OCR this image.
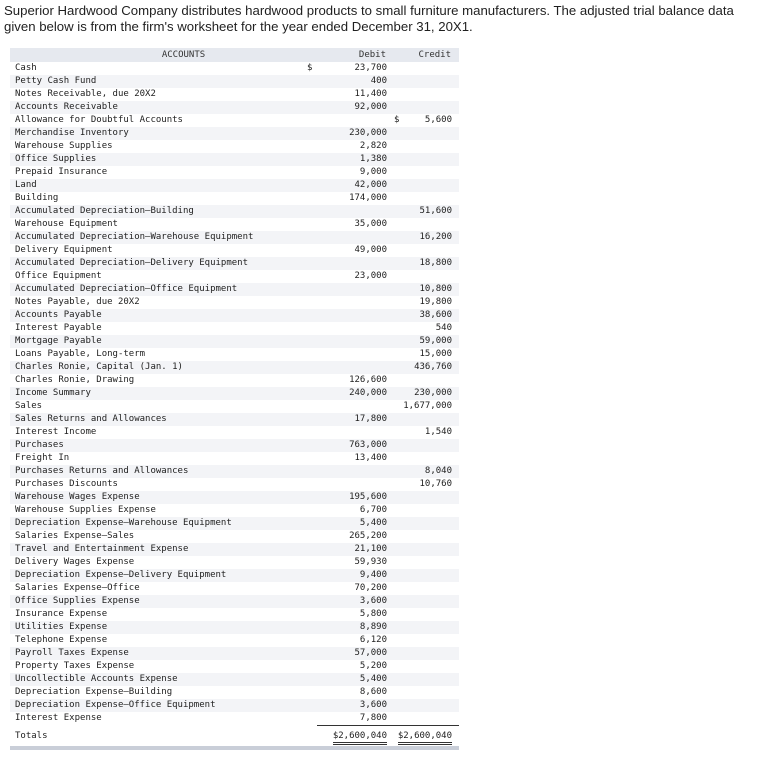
Superior Hardwood Company distributes hardwood products to small furniture manufacturers. The adjusted trial balance data given below is from the firm's worksheet for the year ended December 31, 20X1.
ACCOUNTS	Debit	Credit
Cash	$ 23,700	
Petty Cash Fund	400	
Notes Receivable, due 20X2	11,400	
Accounts Receivable	92,000	
Allowance for Doubtful Accounts		$ 5,600
Merchandise Inventory	230,000	
Warehouse Supplies	2,820	
Office Supplies	1,380	
Prepaid Insurance	9,000	
Land	42,000	
Building	174,000	
Accumulated Depreciation—Building		51,600
Warehouse Equipment	35,000	
Accumulated Depreciation—Warehouse Equipment		16,200
Delivery Equipment	49,000	
Accumulated Depreciation—Delivery Equipment		18,800
Office Equipment	23,000	
Accumulated Depreciation—Office Equipment		10,800
Notes Payable, due 20X2		19,800
Accounts Payable		38,600
Interest Payable		540
Mortgage Payable		59,000
Loans Payable, Long-term		15,000
Charles Ronie, Capital (Jan. 1)		436,760
Charles Ronie, Drawing	126,600	
Income Summary	240,000	230,000
Sales		1,677,000
Sales Returns and Allowances	17,800	
Interest Income		1,540
Purchases	763,000	
Freight In	13,400	
Purchases Returns and Allowances		8,040
Purchases Discounts		10,760
Warehouse Wages Expense	195,600	
Warehouse Supplies Expense	6,700	
Depreciation Expense—Warehouse Equipment	5,400	
Salaries Expense—Sales	265,200	
Travel and Entertainment Expense	21,100	
Delivery Wages Expense	59,930	
Depreciation Expense—Delivery Equipment	9,400	
Salaries Expense—Office	70,200	
Office Supplies Expense	3,600	
Insurance Expense	5,800	
Utilities Expense	8,890	
Telephone Expense	6,120	
Payroll Taxes Expense	57,000	
Property Taxes Expense	5,200	
Uncollectible Accounts Expense	5,400	
Depreciation Expense—Building	8,600	
Depreciation Expense—Office Equipment	3,600	
Interest Expense	7,800	
Totals	$2,600,040	$2,600,040
